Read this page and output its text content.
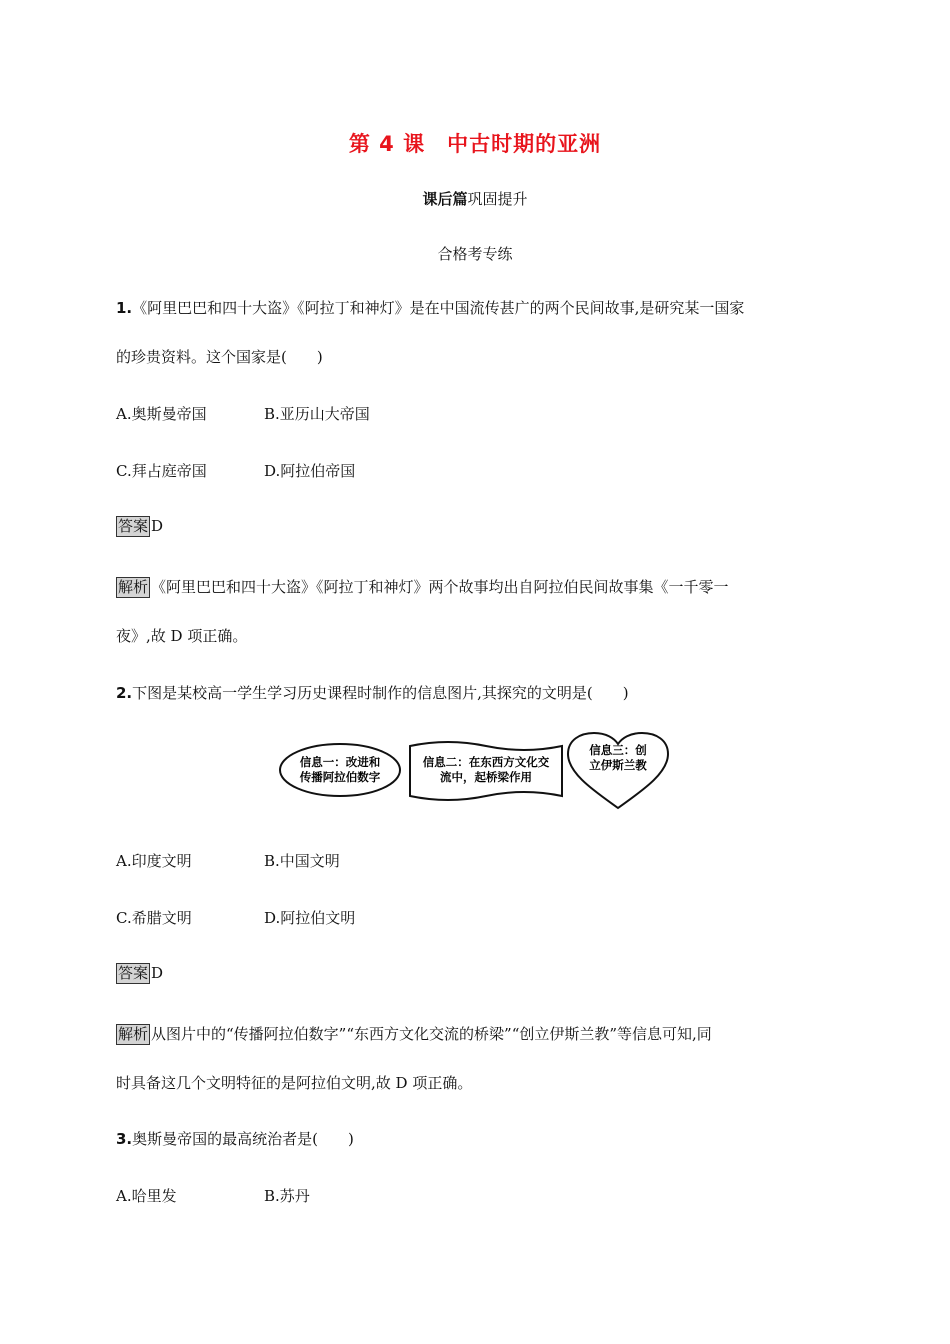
第 4 课 中古时期的亚洲
课后篇巩固提升
合格考专练
1.《阿里巴巴和四十大盗》《阿拉丁和神灯》是在中国流传甚广的两个民间故事,是研究某一国家
的珍贵资料。这个国家是(　　)
A.奥斯曼帝国	B.亚历山大帝国
C.拜占庭帝国	D.阿拉伯帝国
答案 D
解析 《阿里巴巴和四十大盗》《阿拉丁和神灯》两个故事均出自阿拉伯民间故事集《一千零一
夜》,故 D 项正确。
2.下图是某校高一学生学习历史课程时制作的信息图片,其探究的文明是(　　)
信息一：改进和
传播阿拉伯数字
信息二：在东西方文化交
流中，起桥梁作用
信息三：创
立伊斯兰教
A.印度文明	B.中国文明
C.希腊文明	D.阿拉伯文明
答案 D
解析 从图片中的“传播阿拉伯数字”“东西方文化交流的桥梁”“创立伊斯兰教”等信息可知,同
时具备这几个文明特征的是阿拉伯文明,故 D 项正确。
3.奥斯曼帝国的最高统治者是(　　)
A.哈里发	B.苏丹
